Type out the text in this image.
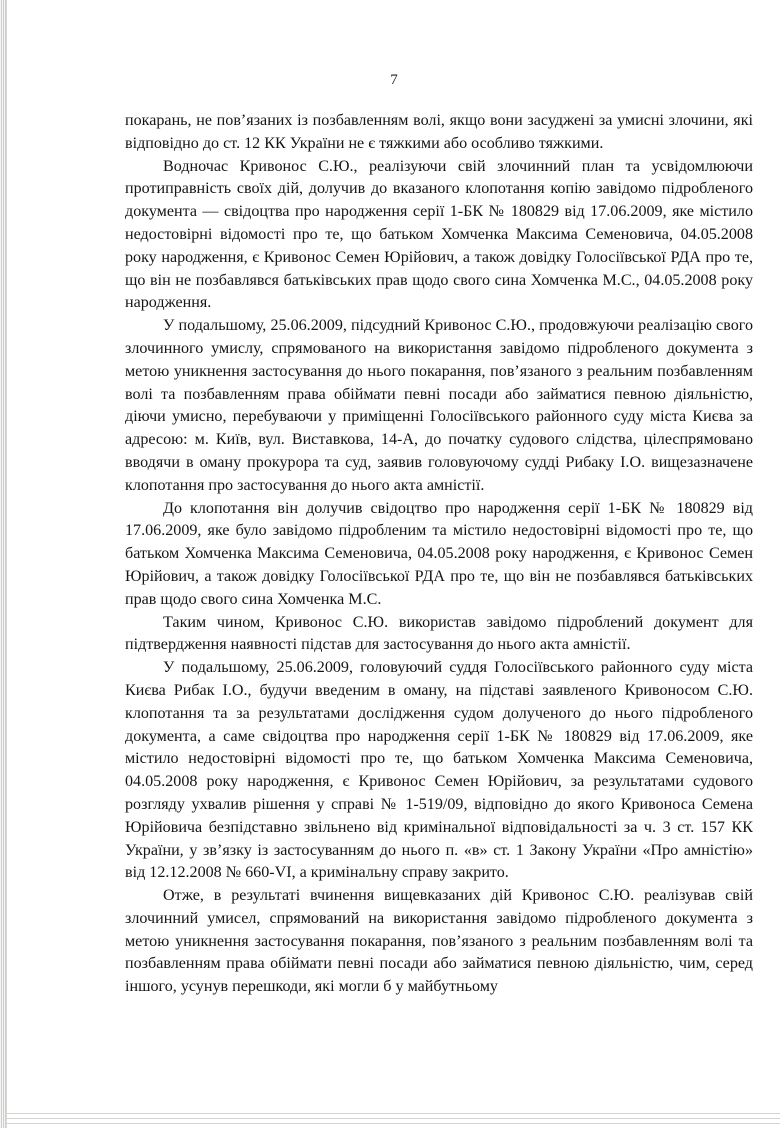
7

покарань, не пов’язаних із позбавленням волі, якщо вони засуджені за умисні злочини, які відповідно до ст. 12 КК України не є тяжкими або особливо тяжкими.

Водночас Кривонос С.Ю., реалізуючи свій злочинний план та усвідомлюючи протиправність своїх дій, долучив до вказаного клопотання копію завідомо підробленого документа — свідоцтва про народження серії 1-БК № 180829 від 17.06.2009, яке містило недостовірні відомості про те, що батьком Хомченка Максима Семеновича, 04.05.2008 року народження, є Кривонос Семен Юрійович, а також довідку Голосіївської РДА про те, що він не позбавлявся батьківських прав щодо свого сина Хомченка М.С., 04.05.2008 року народження.

У подальшому, 25.06.2009, підсудний Кривонос С.Ю., продовжуючи реалізацію свого злочинного умислу, спрямованого на використання завідомо підробленого документа з метою уникнення застосування до нього покарання, пов’язаного з реальним позбавленням волі та позбавленням права обіймати певні посади або займатися певною діяльністю, діючи умисно, перебуваючи у приміщенні Голосіївського районного суду міста Києва за адресою: м. Київ, вул. Виставкова, 14-А, до початку судового слідства, цілеспрямовано вводячи в оману прокурора та суд, заявив головуючому судді Рибаку І.О. вищезазначене клопотання про застосування до нього акта амністії.

До клопотання він долучив свідоцтво про народження серії 1-БК № 180829 від 17.06.2009, яке було завідомо підробленим та містило недостовірні відомості про те, що батьком Хомченка Максима Семеновича, 04.05.2008 року народження, є Кривонос Семен Юрійович, а також довідку Голосіївської РДА про те, що він не позбавлявся батьківських прав щодо свого сина Хомченка М.С.

Таким чином, Кривонос С.Ю. використав завідомо підроблений документ для підтвердження наявності підстав для застосування до нього акта амністії.

У подальшому, 25.06.2009, головуючий суддя Голосіївського районного суду міста Києва Рибак І.О., будучи введеним в оману, на підставі заявленого Кривоносом С.Ю. клопотання та за результатами дослідження судом долученого до нього підробленого документа, а саме свідоцтва про народження серії 1-БК № 180829 від 17.06.2009, яке містило недостовірні відомості про те, що батьком Хомченка Максима Семеновича, 04.05.2008 року народження, є Кривонос Семен Юрійович, за результатами судового розгляду ухвалив рішення у справі № 1-519/09, відповідно до якого Кривоноса Семена Юрійовича безпідставно звільнено від кримінальної відповідальності за ч. 3 ст. 157 КК України, у зв’язку із застосуванням до нього п. «в» ст. 1 Закону України «Про амністію» від 12.12.2008 № 660-VI, а кримінальну справу закрито.

Отже, в результаті вчинення вищевказаних дій Кривонос С.Ю. реалізував свій злочинний умисел, спрямований на використання завідомо підробленого документа з метою уникнення застосування покарання, пов’язаного з реальним позбавленням волі та позбавленням права обіймати певні посади або займатися певною діяльністю, чим, серед іншого, усунув перешкоди, які могли б у майбутньому
